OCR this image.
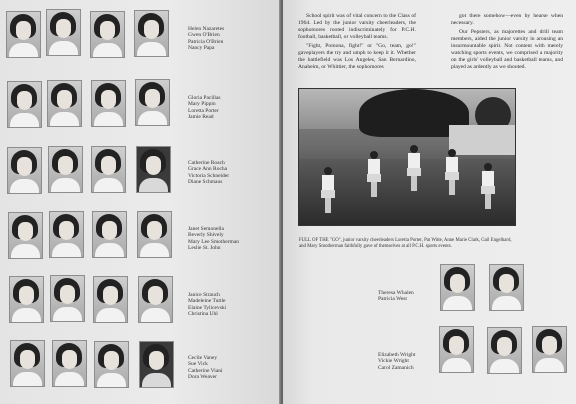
Helen Nazaretes
Gwen O'Brien
Patricia O'Brien
Nancy Papa
Gloria Pacillas
Mary Pippin
Loretta Porter
Jamie Read
Catherine Roach
Grace Ann Rocha
Victoria Schneider
Diane Schmaus
Janet Semonella
Beverly Shively
Mary Lee Smotherman
Leslie St. John
Janice Strauch
Madeleine Tuttle
Elaine Tylicevski
Christina Uhl
Cecile Vaney
Sue Vick
Catherine Viani
Dora Weaver

School spirit was of vital concern to the Class of 1964. Led by the junior varsity cheerleaders, the sophomores rooted indiscriminately for P.C.H. football, basketball, or volleyball teams.

"Fight, Pomona, fight!" or "Go, team, go!" gaveplayers the try and umph to keep it it. Whether the battlefield was Los Angeles, San Bernardino, Anaheim, or Whittier, the sophomores

got there somehow—even by hearse when necessary.

Our Pepsters, as majorettes and drill team members, aided the junior varsity in arousing an insurmountable spirit. Not content with merely watching sports events, we comprised a majority on the girls' volleyball and basketball teams, and played as ardently as we shouted.

FULL OF THE "GO", junior varsity cheerleaders Loretta Porter, Pat Witte, Anne Marie Clark, Gail Engelhard, and Mary Smotherman faithfully gave of themselves at all P.C.H. sports events.
Theresa Whalen
Patricia West
Elizabeth Wright
Vickie Wright
Carol Zamanich
